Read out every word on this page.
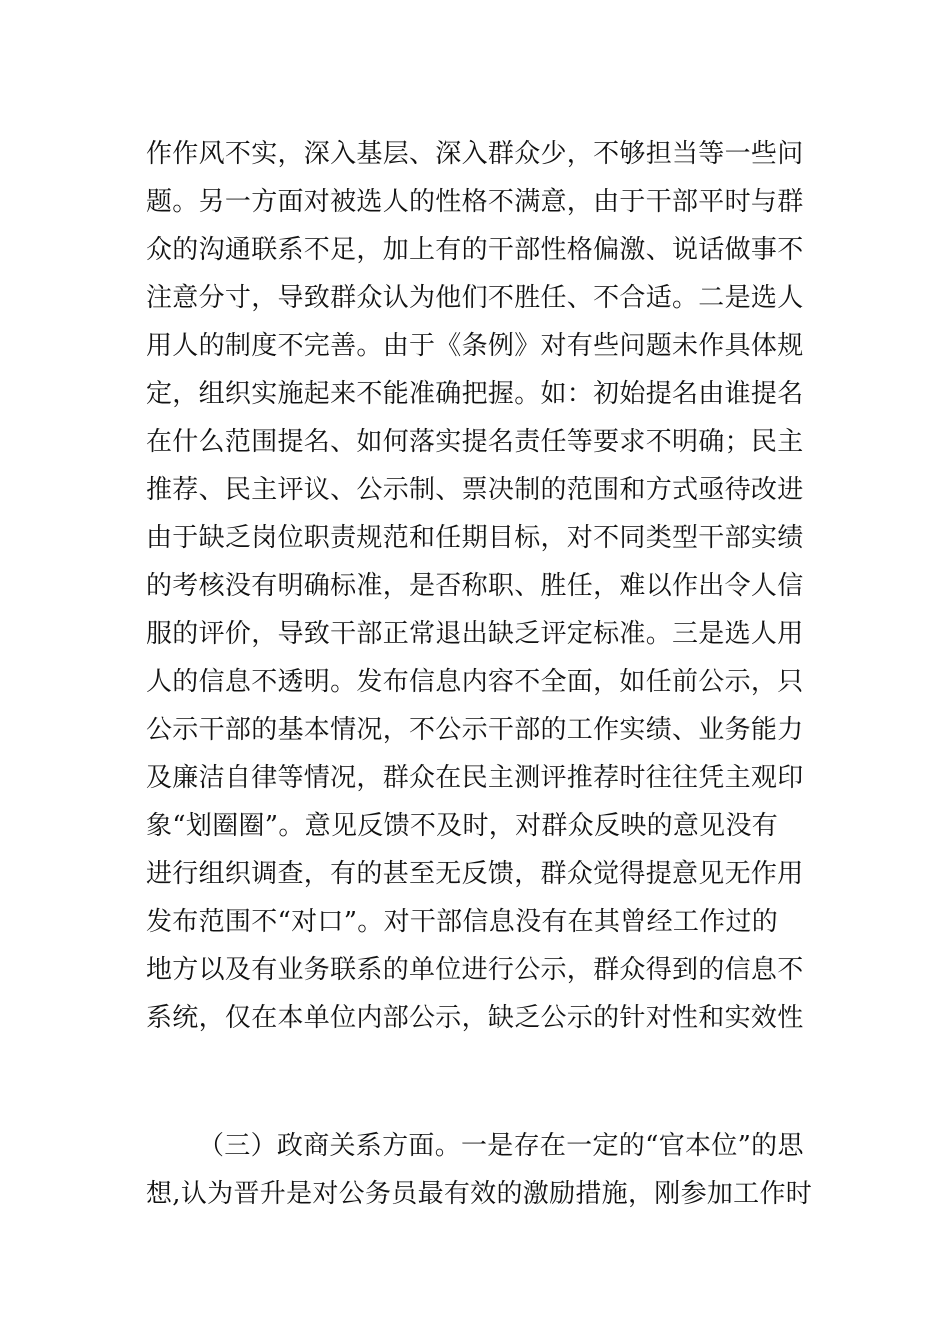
作作风不实，深入基层、深入群众少，不够担当等一些问
题。另一方面对被选人的性格不满意，由于干部平时与群
众的沟通联系不足，加上有的干部性格偏激、说话做事不
注意分寸，导致群众认为他们不胜任、不合适。二是选人
用人的制度不完善。由于《条例》对有些问题未作具体规
定，组织实施起来不能准确把握。如：初始提名由谁提名
在什么范围提名、如何落实提名责任等要求不明确；民主
推荐、民主评议、公示制、票决制的范围和方式亟待改进
由于缺乏岗位职责规范和任期目标，对不同类型干部实绩
的考核没有明确标准，是否称职、胜任，难以作出令人信
服的评价，导致干部正常退出缺乏评定标准。三是选人用
人的信息不透明。发布信息内容不全面，如任前公示，只
公示干部的基本情况，不公示干部的工作实绩、业务能力
及廉洁自律等情况，群众在民主测评推荐时往往凭主观印
象“划圈圈”。意见反馈不及时，对群众反映的意见没有
进行组织调查，有的甚至无反馈，群众觉得提意见无作用
发布范围不“对口”。对干部信息没有在其曾经工作过的
地方以及有业务联系的单位进行公示，群众得到的信息不
系统，仅在本单位内部公示，缺乏公示的针对性和实效性
（三）政商关系方面。一是存在一定的“官本位”的思
想,认为晋升是对公务员最有效的激励措施，刚参加工作时
